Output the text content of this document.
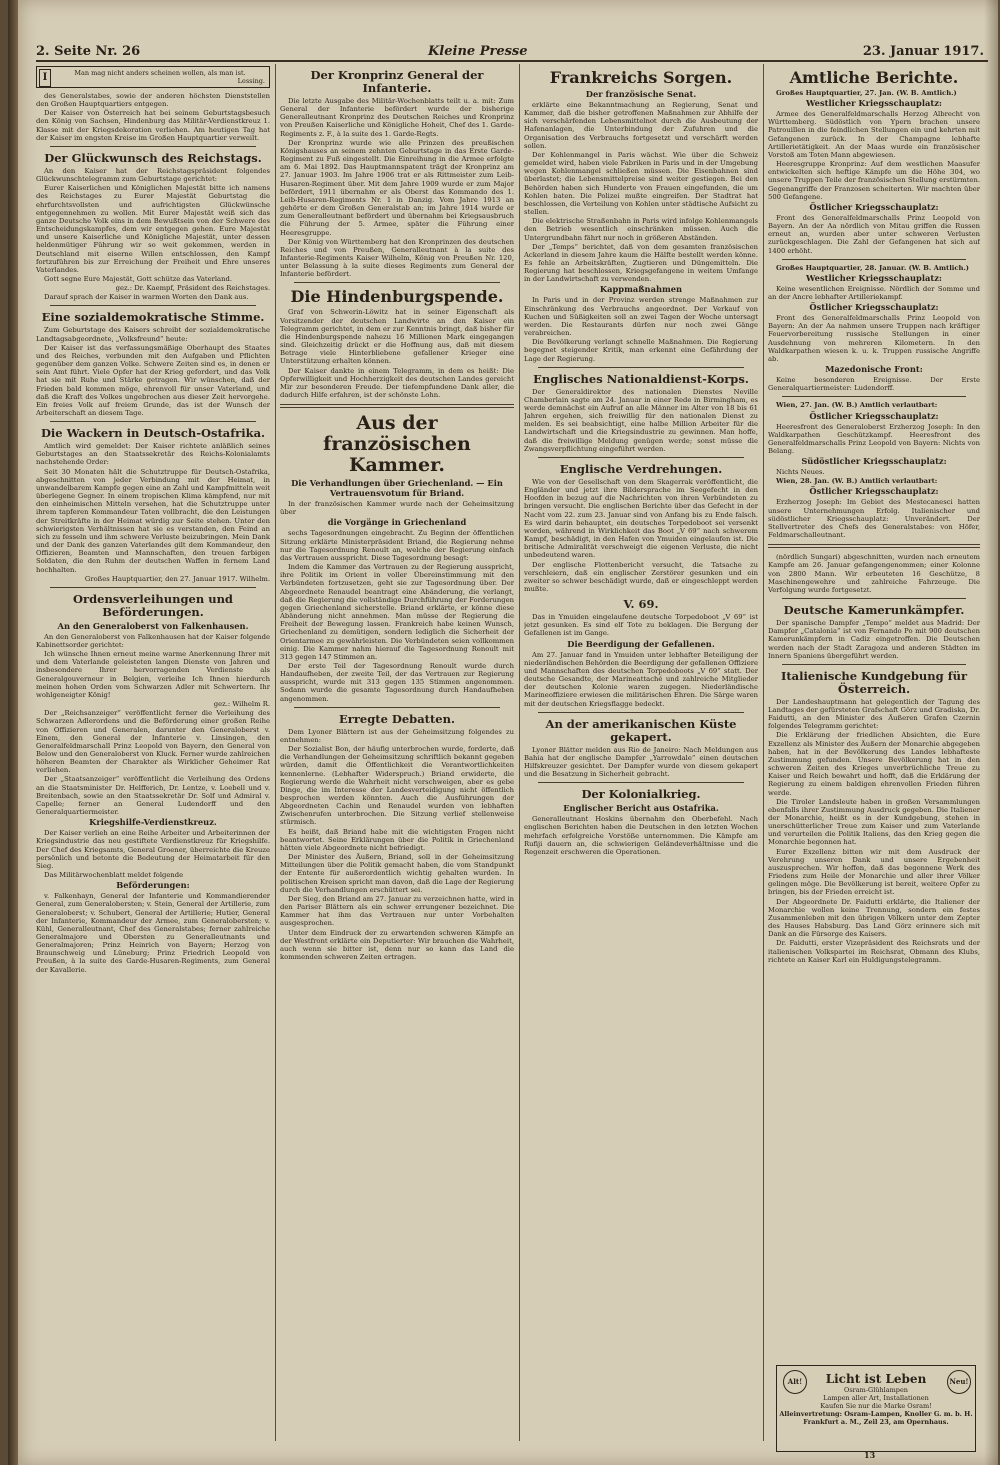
2. Seite Nr. 26	Kleine Presse	23. Januar 1917.
I	Man mag nicht anders scheinen wollen, als man ist.
Lessing.

des Generalstabes, sowie der anderen höchsten Dienststellen den Großen Hauptquartiers entgegen.

Der Kaiser von Österreich hat bei seinem Geburtstagsbesuch den König von Sachsen, Hindenburg das Militär-Verdienstkreuz 1. Klasse mit der Kriegsdekoration verliehen. Am heutigen Tag hat der Kaiser im engsten Kreise im Großen Hauptquartier verweilt.

Der Glückwunsch des Reichstags.

An den Kaiser hat der Reichstagspräsident folgendes Glückwunschtelegramm zum Geburtstage gerichtet:

Eurer Kaiserlichen und Königlichen Majestät bitte ich namens des Reichstages zu Eurer Majestät Geburtstag die ehrfurchtsvollsten und aufrichtigsten Glückwünsche entgegennehmen zu wollen. Mit Eurer Majestät weiß sich das ganze Deutsche Volk eins in dem Bewußtsein von der Schwere des Entscheidungskampfes, dem wir entgegen gehen. Eure Majestät und unsere Kaiserliche und Königliche Majestät, unter dessen heldenmütiger Führung wir so weit gekommen, werden in Deutschland mit eiserne Willen entschlossen, den Kampf fortzuführen bis zur Erreichung der Freiheit und Ehre unseres Vaterlandes.

Gott segne Eure Majestät, Gott schütze das Vaterland.

gez.: Dr. Kaempf, Präsident des Reichstages.

Darauf sprach der Kaiser in warmen Worten den Dank aus.

Eine sozialdemokratische Stimme.

Zum Geburtstage des Kaisers schreibt der sozialdemokratische Landtagsabgeordnete, „Volksfreund“ heute:

Der Kaiser ist das verfassungsmäßige Oberhaupt des Staates und des Reiches, verbunden mit den Aufgaben und Pflichten gegenüber dem ganzen Volke. Schwere Zeiten sind es, in denen er sein Amt führt. Viele Opfer hat der Krieg gefordert, und das Volk hat sie mit Ruhe und Stärke getragen. Wir wünschen, daß der Frieden bald kommen möge, ehrenvoll für unser Vaterland, und daß die Kraft des Volkes ungebrochen aus dieser Zeit hervorgehe. Ein freies Volk auf freiem Grunde, das ist der Wunsch der Arbeiterschaft an diesem Tage.

Die Wackern in Deutsch-Ostafrika.

Amtlich wird gemeldet: Der Kaiser richtete anläßlich seines Geburtstages an den Staatssekretär des Reichs-Kolonialamts nachstehende Order:

Seit 30 Monaten hält die Schutztruppe für Deutsch-Ostafrika, abgeschnitten von jeder Verbindung mit der Heimat, in unwandelbarem Kampfe gegen eine an Zahl und Kampfmitteln weit überlegene Gegner. In einem tropischen Klima kämpfend, nur mit den einheimischen Mitteln versehen, hat die Schutztruppe unter ihrem tapferen Kommandeur Taten vollbracht, die den Leistungen der Streitkräfte in der Heimat würdig zur Seite stehen. Unter den schwierigsten Verhältnissen hat sie es verstanden, den Feind an sich zu fesseln und ihm schwere Verluste beizubringen. Mein Dank und der Dank des ganzen Vaterlandes gilt dem Kommandeur, den Offizieren, Beamten und Mannschaften, den treuen farbigen Soldaten, die den Ruhm der deutschen Waffen in fernem Land hochhalten.

Großes Hauptquartier, den 27. Januar 1917. Wilhelm.

Ordensverleihungen und Beförderungen.
An den Generaloberst von Falkenhausen.

An den Generaloberst von Falkenhausen hat der Kaiser folgende Kabinettsorder gerichtet:

Ich wünsche Ihnen erneut meine warme Anerkennung Ihrer mit und dem Vaterlande geleisteten langen Dienste von Jahren und insbesondere Ihrer hervorragenden Verdienste als Generalgouverneur in Belgien, verleihe Ich Ihnen hierdurch meinen hohen Orden vom Schwarzen Adler mit Schwertern. Ihr wohlgeneigter König!

gez.: Wilhelm R.

Der „Reichsanzeiger“ veröffentlicht ferner die Verleihung des Schwarzen Adlerordens und die Beförderung einer großen Reihe von Offizieren und Generalen, darunter den Generaloberst v. Einem, den General der Infanterie v. Linsingen, den Generalfeldmarschall Prinz Leopold von Bayern, den General von Below und den Generaloberst von Kluck. Ferner wurde zahlreichen höheren Beamten der Charakter als Wirklicher Geheimer Rat verliehen.

Der „Staatsanzeiger“ veröffentlicht die Verleihung des Ordens an die Staatsminister Dr. Helfferich, Dr. Lentze, v. Loebell und v. Breitenbach, sowie an den Staatssekretär Dr. Solf und Admiral v. Capelle; ferner an General Ludendorff und den Generalquartiermeister.

Kriegshilfe-Verdienstkreuz.

Der Kaiser verlieh an eine Reihe Arbeiter und Arbeiterinnen der Kriegsindustrie das neu gestiftete Verdienstkreuz für Kriegshilfe. Der Chef des Kriegsamts, General Groener, überreichte die Kreuze persönlich und betonte die Bedeutung der Heimatarbeit für den Sieg.

Das Militärwochenblatt meldet folgende

Beförderungen:

v. Falkenhayn, General der Infanterie und Kommandierender General, zum Generalobersten; v. Stein, General der Artillerie, zum Generaloberst; v. Schubert, General der Artillerie; Hutier, General der Infanterie, Kommandeur der Armee, zum Generalobersten; v. Kühl, Generalleutnant, Chef des Generalstabes; ferner zahlreiche Generalmajore und Obersten zu Generalleutnants und Generalmajoren; Prinz Heinrich von Bayern; Herzog von Braunschweig und Lüneburg; Prinz Friedrich Leopold von Preußen, à la suite des Garde-Husaren-Regiments, zum General der Kavallerie.

Der Kronprinz General der Infanterie.

Die letzte Ausgabe des Militär-Wochenblatts teilt u. a. mit: Zum General der Infanterie befördert wurde der bisherige Generalleutnant Kronprinz des Deutschen Reiches und Kronprinz von Preußen Kaiserliche und Königliche Hoheit, Chef des 1. Garde-Regiments z. F., à la suite des 1. Garde-Regts.

Der Kronprinz wurde wie alle Prinzen des preußischen Königshauses an seinem zehnten Geburtstage in das Erste Garde-Regiment zu Fuß eingestellt. Die Einreihung in die Armee erfolgte am 6. Mai 1892. Das Hauptmannspatent trägt der Kronprinz am 27. Januar 1903. Im Jahre 1906 trat er als Rittmeister zum Leib-Husaren-Regiment über. Mit dem Jahre 1909 wurde er zum Major befördert, 1911 übernahm er als Oberst das Kommando des 1. Leib-Husaren-Regiments Nr. 1 in Danzig. Vom Jahre 1913 an gehörte er dem Großen Generalstab an; im Jahre 1914 wurde er zum Generalleutnant befördert und übernahm bei Kriegsausbruch die Führung der 5. Armee, später die Führung einer Heeresgruppe.

Der König von Württemberg hat den Kronprinzen des deutschen Reiches und von Preußen, Generalleutnant à la suite des Infanterie-Regiments Kaiser Wilhelm, König von Preußen Nr. 120, unter Belassung à la suite dieses Regiments zum General der Infanterie befördert.

Die Hindenburgspende.

Graf von Schwerin-Löwitz hat in seiner Eigenschaft als Vorsitzender der deutschen Landwirte an den Kaiser ein Telegramm gerichtet, in dem er zur Kenntnis bringt, daß bisher für die Hindenburgspende nahezu 16 Millionen Mark eingegangen sind. Gleichzeitig drückt er die Hoffnung aus, daß mit diesem Betrage viele Hinterbliebene gefallener Krieger eine Unterstützung erhalten können.

Der Kaiser dankte in einem Telegramm, in dem es heißt: Die Opferwilligkeit und Hochherzigkeit des deutschen Landes gereicht Mir zur besonderen Freude. Der tiefempfundene Dank aller, die dadurch Hilfe erfahren, ist der schönste Lohn.

Aus der französischen Kammer.
Die Verhandlungen über Griechenland. — Ein Vertrauensvotum für Briand.

In der französischen Kammer wurde nach der Geheimsitzung über

die Vorgänge in Griechenland

sechs Tagesordnungen eingebracht. Zu Beginn der öffentlichen Sitzung erklärte Ministerpräsident Briand, die Regierung nehme nur die Tagesordnung Renoult an, welche der Regierung einfach das Vertrauen ausspricht. Diese Tagesordnung besagt:

Indem die Kammer das Vertrauen zu der Regierung ausspricht, ihre Politik im Orient in voller Übereinstimmung mit den Verbündeten fortzusetzen, geht sie zur Tagesordnung über. Der Abgeordnete Renaudel beantragt eine Abänderung, die verlangt, daß die Regierung die vollständige Durchführung der Forderungen gegen Griechenland sicherstelle. Briand erklärte, er könne diese Abänderung nicht annehmen. Man müsse der Regierung die Freiheit der Bewegung lassen. Frankreich habe keinen Wunsch, Griechenland zu demütigen, sondern lediglich die Sicherheit der Orientarmee zu gewährleisten. Die Verbündeten seien vollkommen einig. Die Kammer nahm hierauf die Tagesordnung Renoult mit 313 gegen 147 Stimmen an.

Der erste Teil der Tagesordnung Renoult wurde durch Handaufheben, der zweite Teil, der das Vertrauen zur Regierung ausspricht, wurde mit 313 gegen 135 Stimmen angenommen. Sodann wurde die gesamte Tagesordnung durch Handaufheben angenommen.

Erregte Debatten.

Dem Lyoner Blättern ist aus der Geheimsitzung folgendes zu entnehmen:

Der Sozialist Bon, der häufig unterbrochen wurde, forderte, daß die Verhandlungen der Geheimsitzung schriftlich bekannt gegeben würden, damit die Öffentlichkeit die Verantwortlichkeiten kennenlerne. (Lebhafter Widerspruch.) Briand erwiderte, die Regierung werde die Wahrheit nicht verschweigen, aber es gebe Dinge, die im Interesse der Landesverteidigung nicht öffentlich besprochen werden könnten. Auch die Ausführungen der Abgeordneten Cachin und Renaudel wurden von lebhaften Zwischenrufen unterbrochen. Die Sitzung verlief stellenweise stürmisch.

Es heißt, daß Briand habe mit die wichtigsten Fragen nicht beantwortet. Seine Erklärungen über die Politik in Griechenland hätten viele Abgeordnete nicht befriedigt.

Der Minister des Äußern, Briand, soll in der Geheimsitzung Mitteilungen über die Politik gemacht haben, die vom Standpunkt der Entente für außerordentlich wichtig gehalten wurden. In politischen Kreisen spricht man davon, daß die Lage der Regierung durch die Verhandlungen erschüttert sei.

Der Sieg, den Briand am 27. Januar zu verzeichnen hatte, wird in den Pariser Blättern als ein schwer errungener bezeichnet. Die Kammer hat ihm das Vertrauen nur unter Vorbehalten ausgesprochen.

Unter dem Eindruck der zu erwartenden schweren Kämpfe an der Westfront erklärte ein Deputierter: Wir brauchen die Wahrheit, auch wenn sie bitter ist, denn nur so kann das Land die kommenden schweren Zeiten ertragen.

Frankreichs Sorgen.
Der französische Senat.

erklärte eine Bekanntmachung an Regierung, Senat und Kammer, daß die bisher getroffenen Maßnahmen zur Abhilfe der sich verschärfenden Lebensmittelnot durch die Ausbeutung der Hafenanlagen, die Unterbindung der Zufuhren und die Organisation des Verbrauchs fortgesetzt und verschärft werden sollen.

Der Kohlenmangel in Paris wächst. Wie über die Schweiz gemeldet wird, haben viele Fabriken in Paris und in der Umgebung wegen Kohlenmangel schließen müssen. Die Eisenbahnen sind überlastet; die Lebensmittelpreise sind weiter gestiegen. Bei den Behörden haben sich Hunderte von Frauen eingefunden, die um Kohlen baten. Die Polizei mußte eingreifen. Der Stadtrat hat beschlossen, die Verteilung von Kohlen unter städtische Aufsicht zu stellen.

Die elektrische Straßenbahn in Paris wird infolge Kohlenmangels den Betrieb wesentlich einschränken müssen. Auch die Untergrundbahn fährt nur noch in größeren Abständen.

Der „Temps“ berichtet, daß von dem gesamten französischen Ackerland in diesem Jahre kaum die Hälfte bestellt werden könne. Es fehle an Arbeitskräften, Zugtieren und Düngemitteln. Die Regierung hat beschlossen, Kriegsgefangene in weitem Umfange in der Landwirtschaft zu verwenden.

Kappmaßnahmen

In Paris und in der Provinz werden strenge Maßnahmen zur Einschränkung des Verbrauchs angeordnet. Der Verkauf von Kuchen und Süßigkeiten soll an zwei Tagen der Woche untersagt werden. Die Restaurants dürfen nur noch zwei Gänge verabreichen.

Die Bevölkerung verlangt schnelle Maßnahmen. Die Regierung begegnet steigender Kritik, man erkennt eine Gefährdung der Lage der Regierung.

Englisches Nationaldienst-Korps.

Der Generaldirektor des nationalen Dienstes Neville Chamberlain sagte am 24. Januar in einer Rede in Birmingham, es werde demnächst ein Aufruf an alle Männer im Alter von 18 bis 61 Jahren ergehen, sich freiwillig für den nationalen Dienst zu melden. Es sei beabsichtigt, eine halbe Million Arbeiter für die Landwirtschaft und die Kriegsindustrie zu gewinnen. Man hoffe, daß die freiwillige Meldung genügen werde; sonst müsse die Zwangsverpflichtung eingeführt werden.

Englische Verdrehungen.

Wie von der Gesellschaft von dem Skagerrak veröffentlicht, die Engländer und jetzt ihre Bildersprache im Seegefecht in den Hoofden in bezug auf die Nachrichten von ihren Verbündeten zu bringen versucht. Die englischen Berichte über das Gefecht in der Nacht vom 22. zum 23. Januar sind von Anfang bis zu Ende falsch. Es wird darin behauptet, ein deutsches Torpedoboot sei versenkt worden, während in Wirklichkeit das Boot „V 69“ nach schwerem Kampf, beschädigt, in den Hafen von Ymuiden eingelaufen ist. Die britische Admiralität verschweigt die eigenen Verluste, die nicht unbedeutend waren.

Der englische Flottenbericht versucht, die Tatsache zu verschleiern, daß ein englischer Zerstörer gesunken und ein zweiter so schwer beschädigt wurde, daß er eingeschleppt werden mußte.

V. 69.

Das in Ymuiden eingelaufene deutsche Torpedoboot „V 69“ ist jetzt gesunken. Es sind elf Tote zu beklagen. Die Bergung der Gefallenen ist im Gange.

Die Beerdigung der Gefallenen.

Am 27. Januar fand in Ymuiden unter lebhafter Beteiligung der niederländischen Behörden die Beerdigung der gefallenen Offiziere und Mannschaften des deutschen Torpedoboots „V 69“ statt. Der deutsche Gesandte, der Marineattaché und zahlreiche Mitglieder der deutschen Kolonie waren zugegen. Niederländische Marineoffiziere erwiesen die militärischen Ehren. Die Särge waren mit der deutschen Kriegsflagge bedeckt.

An der amerikanischen Küste gekapert.

Lyoner Blätter melden aus Rio de Janeiro: Nach Meldungen aus Bahia hat der englische Dampfer „Yarrowdale“ einen deutschen Hilfskreuzer gesichtet. Der Dampfer wurde von diesem gekapert und die Besatzung in Sicherheit gebracht.

Der Kolonialkrieg.
Englischer Bericht aus Ostafrika.

Generalleutnant Hoskins übernahm den Oberbefehl. Nach englischen Berichten haben die Deutschen in den letzten Wochen mehrfach erfolgreiche Vorstöße unternommen. Die Kämpfe am Rufiji dauern an, die schwierigen Geländeverhältnisse und die Regenzeit erschweren die Operationen.

Amtliche Berichte.

Großes Hauptquartier, 27. Jan. (W. B. Amtlich.)

Westlicher Kriegsschauplatz:

Armee des Generalfeldmarschalls Herzog Albrecht von Württemberg. Südöstlich von Ypern brachen unsere Patrouillen in die feindlichen Stellungen ein und kehrten mit Gefangenen zurück. In der Champagne lebhafte Artillerietätigkeit. An der Maas wurde ein französischer Vorstoß am Toten Mann abgewiesen.

Heeresgruppe Kronprinz: Auf dem westlichen Maasufer entwickelten sich heftige Kämpfe um die Höhe 304, wo unsere Truppen Teile der französischen Stellung erstürmten. Gegenangriffe der Franzosen scheiterten. Wir machten über 500 Gefangene.

Östlicher Kriegsschauplatz:

Front des Generalfeldmarschalls Prinz Leopold von Bayern. An der Aa nördlich von Mitau griffen die Russen erneut an, wurden aber unter schweren Verlusten zurückgeschlagen. Die Zahl der Gefangenen hat sich auf 1400 erhöht.

Großes Hauptquartier, 28. Januar. (W. B. Amtlich.)

Westlicher Kriegsschauplatz:

Keine wesentlichen Ereignisse. Nördlich der Somme und an der Ancre lebhafter Artilleriekampf.

Östlicher Kriegsschauplatz:

Front des Generalfeldmarschalls Prinz Leopold von Bayern: An der Aa nahmen unsere Truppen nach kräftiger Feuervorbereitung russische Stellungen in einer Ausdehnung von mehreren Kilometern. In den Waldkarpathen wiesen k. u. k. Truppen russische Angriffe ab.

Mazedonische Front:

Keine besonderen Ereignisse. Der Erste Generalquartiermeister: Ludendorff.

Wien, 27. Jan. (W. B.) Amtlich verlautbart:

Östlicher Kriegsschauplatz:

Heeresfront des Generaloberst Erzherzog Joseph: In den Waldkarpathen Geschützkampf. Heeresfront des Generalfeldmarschalls Prinz Leopold von Bayern: Nichts von Belang.

Südöstlicher Kriegsschauplatz:

Nichts Neues.

Wien, 28. Jan. (W. B.) Amtlich verlautbart:

Östlicher Kriegsschauplatz:

Erzherzog Joseph: Im Gebiet des Mestecanesci hatten unsere Unternehmungen Erfolg. Italienischer und südöstlicher Kriegsschauplatz: Unverändert. Der Stellvertreter des Chefs des Generalstabes: von Höfer, Feldmarschalleutnant.

(nördlich Sungari) abgeschnitten, wurden nach erneutem Kampfe am 26. Januar gefangengenommen; einer Kolonne von 2800 Mann. Wir erbeuteten 16 Geschütze, 8 Maschinengewehre und zahlreiche Fahrzeuge. Die Verfolgung wurde fortgesetzt.

Deutsche Kamerunkämpfer.

Der spanische Dampfer „Tempo“ meldet aus Madrid: Der Dampfer „Catalonia“ ist von Fernando Po mit 900 deutschen Kamerunkämpfern in Cadiz eingetroffen. Die Deutschen werden nach der Stadt Zaragoza und anderen Städten im Innern Spaniens übergeführt werden.

Italienische Kundgebung für Österreich.

Der Landeshauptmann hat gelegentlich der Tagung des Landtages der gefürsteten Grafschaft Görz und Gradiska, Dr. Faidutti, an den Minister des Äußeren Grafen Czernin folgendes Telegramm gerichtet:

Die Erklärung der friedlichen Absichten, die Eure Exzellenz als Minister des Äußern der Monarchie abgegeben haben, hat in der Bevölkerung des Landes lebhafteste Zustimmung gefunden. Unsere Bevölkerung hat in den schweren Zeiten des Krieges unverbrüchliche Treue zu Kaiser und Reich bewahrt und hofft, daß die Erklärung der Regierung zu einem baldigen ehrenvollen Frieden führen werde.

Die Tiroler Landsleute haben in großen Versammlungen ebenfalls ihrer Zustimmung Ausdruck gegeben. Die Italiener der Monarchie, heißt es in der Kundgebung, stehen in unerschütterlicher Treue zum Kaiser und zum Vaterlande und verurteilen die Politik Italiens, das den Krieg gegen die Monarchie begonnen hat.

Eurer Exzellenz bitten wir mit dem Ausdruck der Verehrung unseren Dank und unsere Ergebenheit auszusprechen. Wir hoffen, daß das begonnene Werk des Friedens zum Heile der Monarchie und aller ihrer Völker gelingen möge. Die Bevölkerung ist bereit, weitere Opfer zu bringen, bis der Frieden erreicht ist.

Der Abgeordnete Dr. Faidutti erklärte, die Italiener der Monarchie wollen keine Trennung, sondern ein festes Zusammenleben mit den übrigen Völkern unter dem Zepter des Hauses Habsburg. Das Land Görz erinnere sich mit Dank an die Fürsorge des Kaisers.

Dr. Faidutti, erster Vizepräsident des Reichsrats und der italienischen Volkspartei im Reichsrat, Obmann des Klubs, richtete an Kaiser Karl ein Huldigungstelegramm.

Alt!	Neu!
Licht ist Leben
Osram-Glühlampen
Lampen aller Art, Installationen
Kaufen Sie nur die Marke Osram!
Alleinvertretung: Osram-Lampen, Knoller G. m. b. H.
Frankfurt a. M., Zeil 23, am Opernhaus.
13
